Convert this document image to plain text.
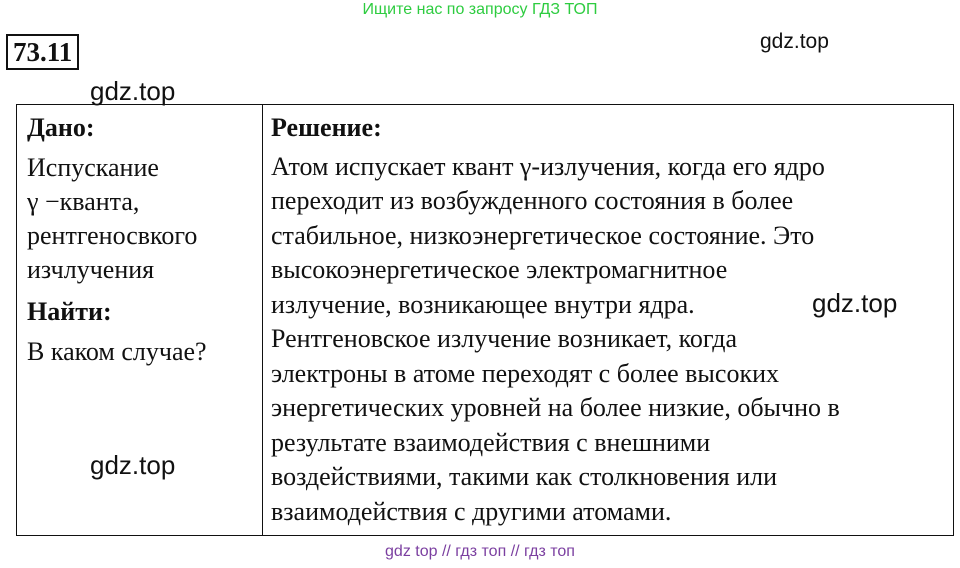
Ищите нас по запросу ГДЗ ТОП
73.11	gdz.top
gdz.top
Дано:
Испускание
γ −кванта,
рентгеносвкого
изчлучения
Найти:
В каком случае?
Решение:
Атом испускает квант γ-излучения, когда его ядро
переходит из возбужденного состояния в более
стабильное, низкоэнергетическое состояние. Это
высокоэнергетическое электромагнитное
излучение, возникающее внутри ядра.
Рентгеновское излучение возникает, когда
электроны в атоме переходят с более высоких
энергетических уровней на более низкие, обычно в
результате взаимодействия с внешними
воздействиями, такими как столкновения или
взаимодействия с другими атомами.
gdz.top
gdz.top
gdz top // гдз топ // гдз топ
